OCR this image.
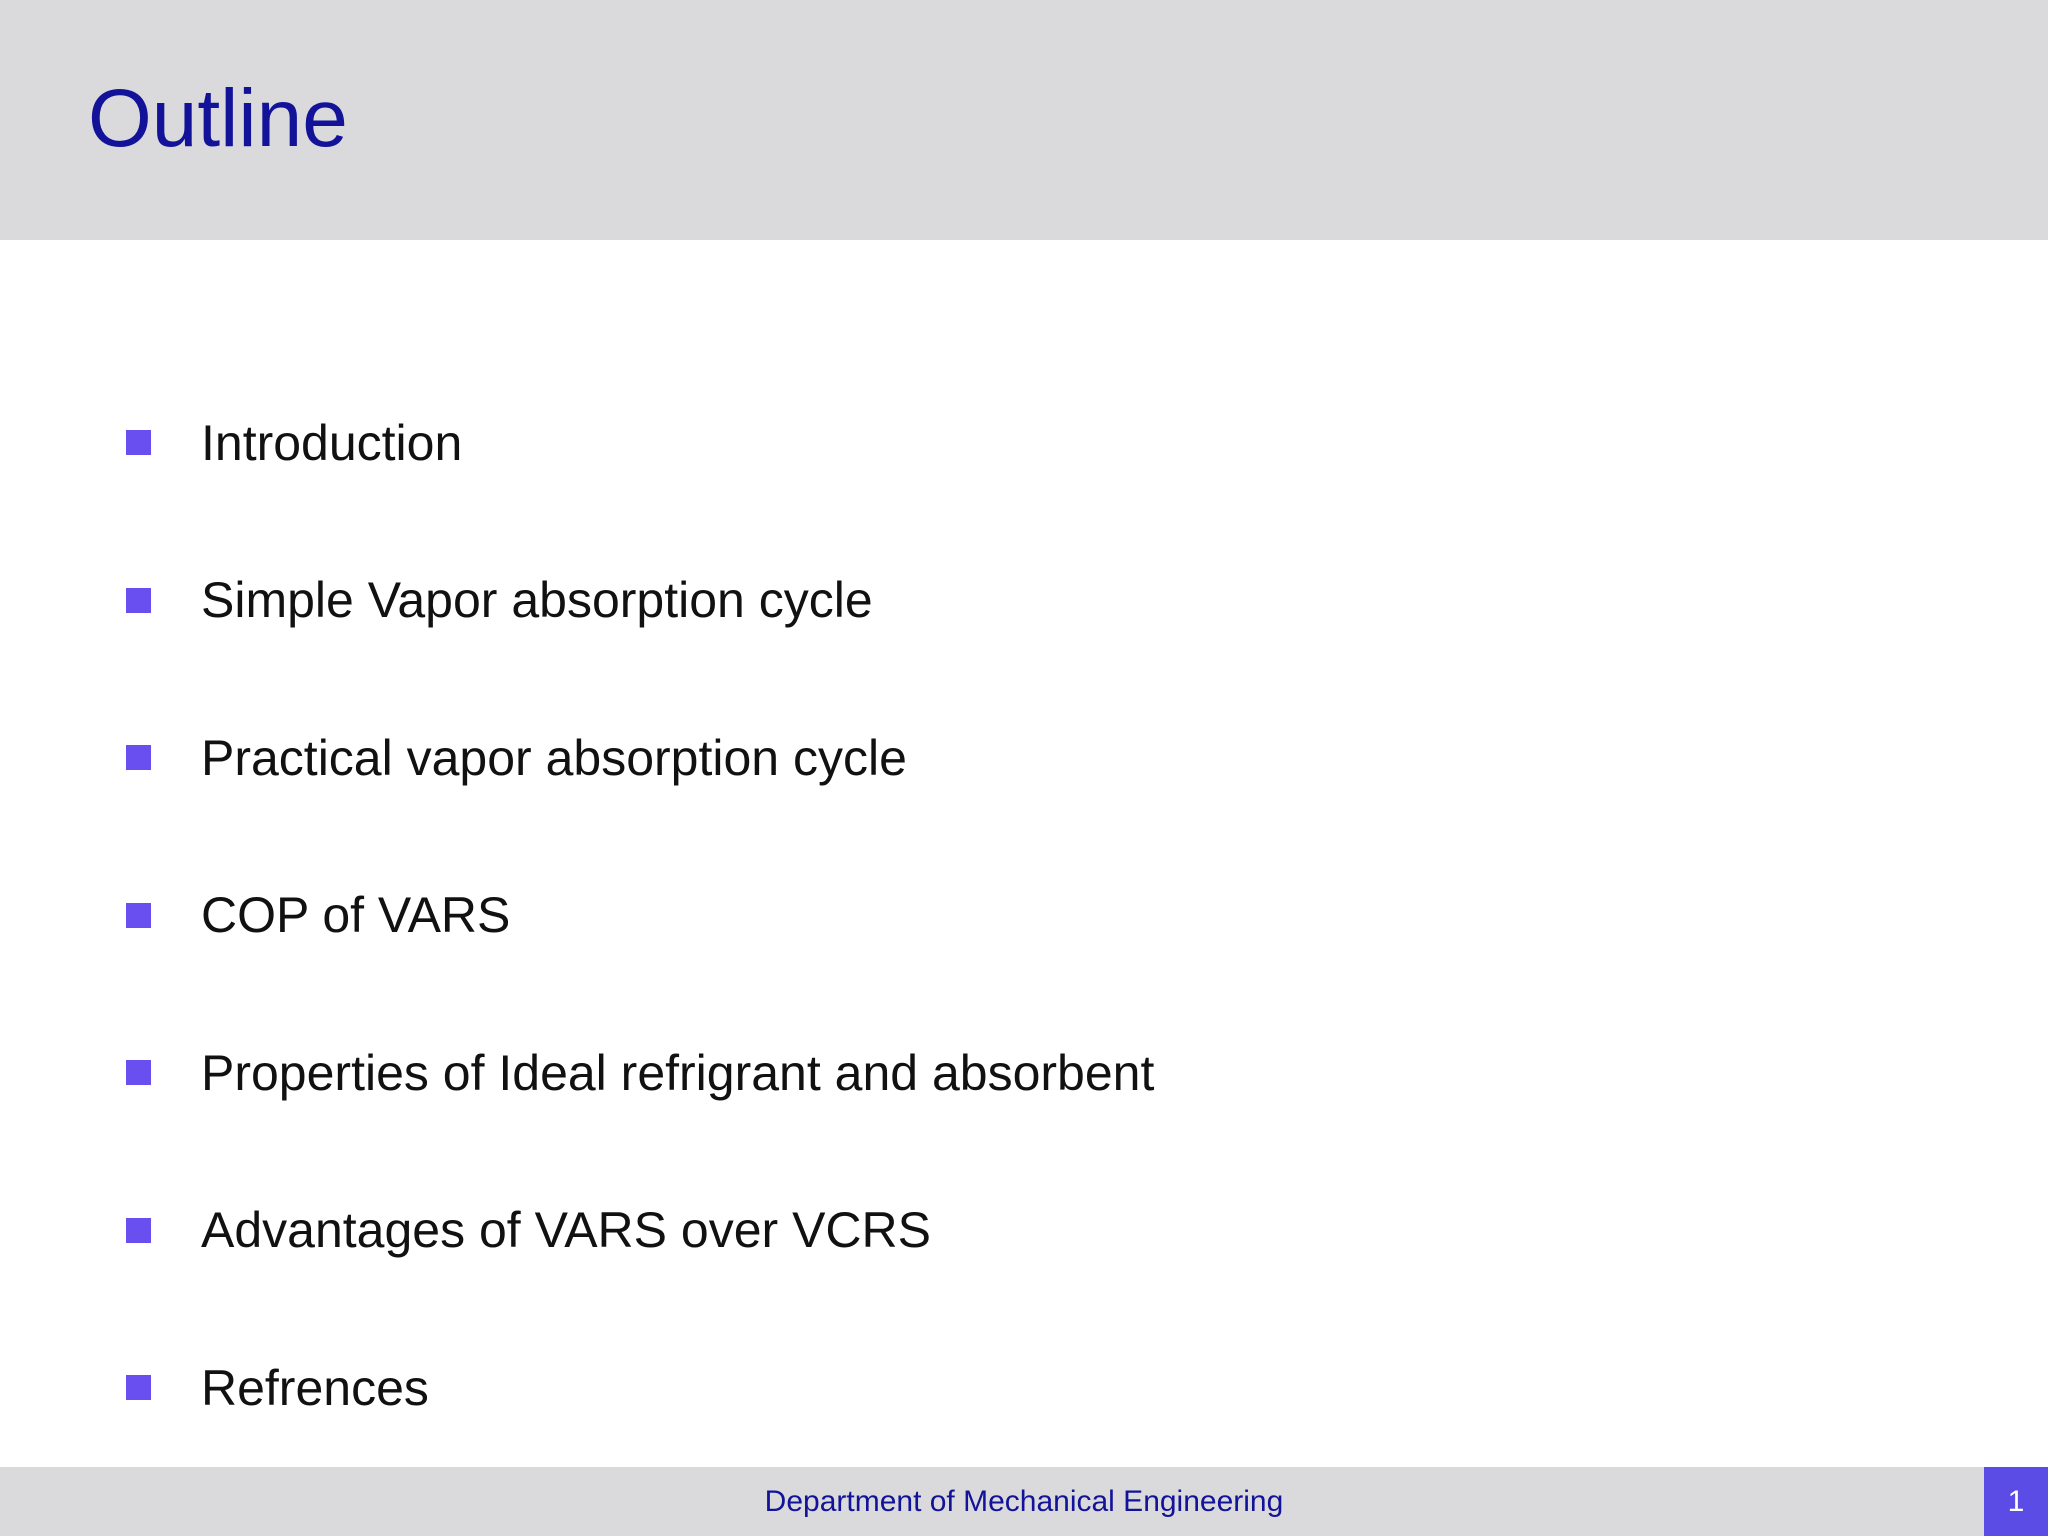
Outline
Introduction
Simple Vapor absorption cycle
Practical vapor absorption cycle
COP of VARS
Properties of Ideal refrigrant and absorbent
Advantages of VARS over VCRS
Refrences
Department of Mechanical Engineering	1
